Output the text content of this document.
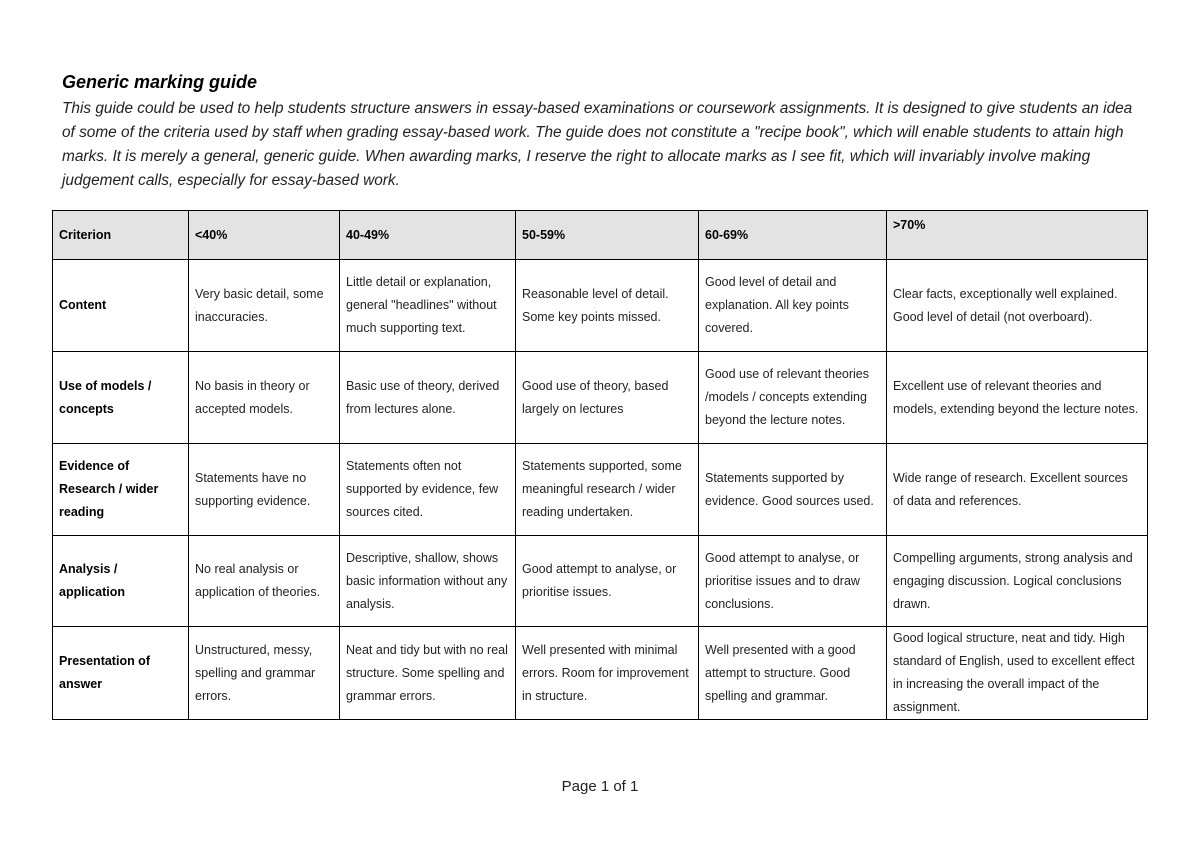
Generic marking guide
This guide could be used to help students structure answers in essay-based examinations or coursework assignments. It is designed to give students an idea of some of the criteria used by staff when grading essay-based work. The guide does not constitute a "recipe book", which will enable students to attain high marks. It is merely a general, generic guide. When awarding marks, I reserve the right to allocate marks as I see fit, which will invariably involve making judgement calls, especially for essay-based work.
Criterion	<40%	40-49%	50-59%	60-69%	>70%
Content	Very basic detail, some inaccuracies.	Little detail or explanation, general "headlines" without much supporting text.	Reasonable level of detail. Some key points missed.	Good level of detail and explanation. All key points covered.	Clear facts, exceptionally well explained. Good level of detail (not overboard).
Use of models / concepts	No basis in theory or accepted models.	Basic use of theory, derived from lectures alone.	Good use of theory, based largely on lectures	Good use of relevant theories /models / concepts extending beyond the lecture notes.	Excellent use of relevant theories and models, extending beyond the lecture notes.
Evidence of Research / wider reading	Statements have no supporting evidence.	Statements often not supported by evidence, few sources cited.	Statements supported, some meaningful research / wider reading undertaken.	Statements supported by evidence. Good sources used.	Wide range of research. Excellent sources of data and references.
Analysis / application	No real analysis or application of theories.	Descriptive, shallow, shows basic information without any analysis.	Good attempt to analyse, or prioritise issues.	Good attempt to analyse, or prioritise issues and to draw conclusions.	Compelling arguments, strong analysis and engaging discussion. Logical conclusions drawn.
Presentation of answer	Unstructured, messy, spelling and grammar errors.	Neat and tidy but with no real structure. Some spelling and grammar errors.	Well presented with minimal errors. Room for improvement in structure.	Well presented with a good attempt to structure. Good spelling and grammar.	Good logical structure, neat and tidy. High standard of English, used to excellent effect in increasing the overall impact of the assignment.
Page 1 of 1
